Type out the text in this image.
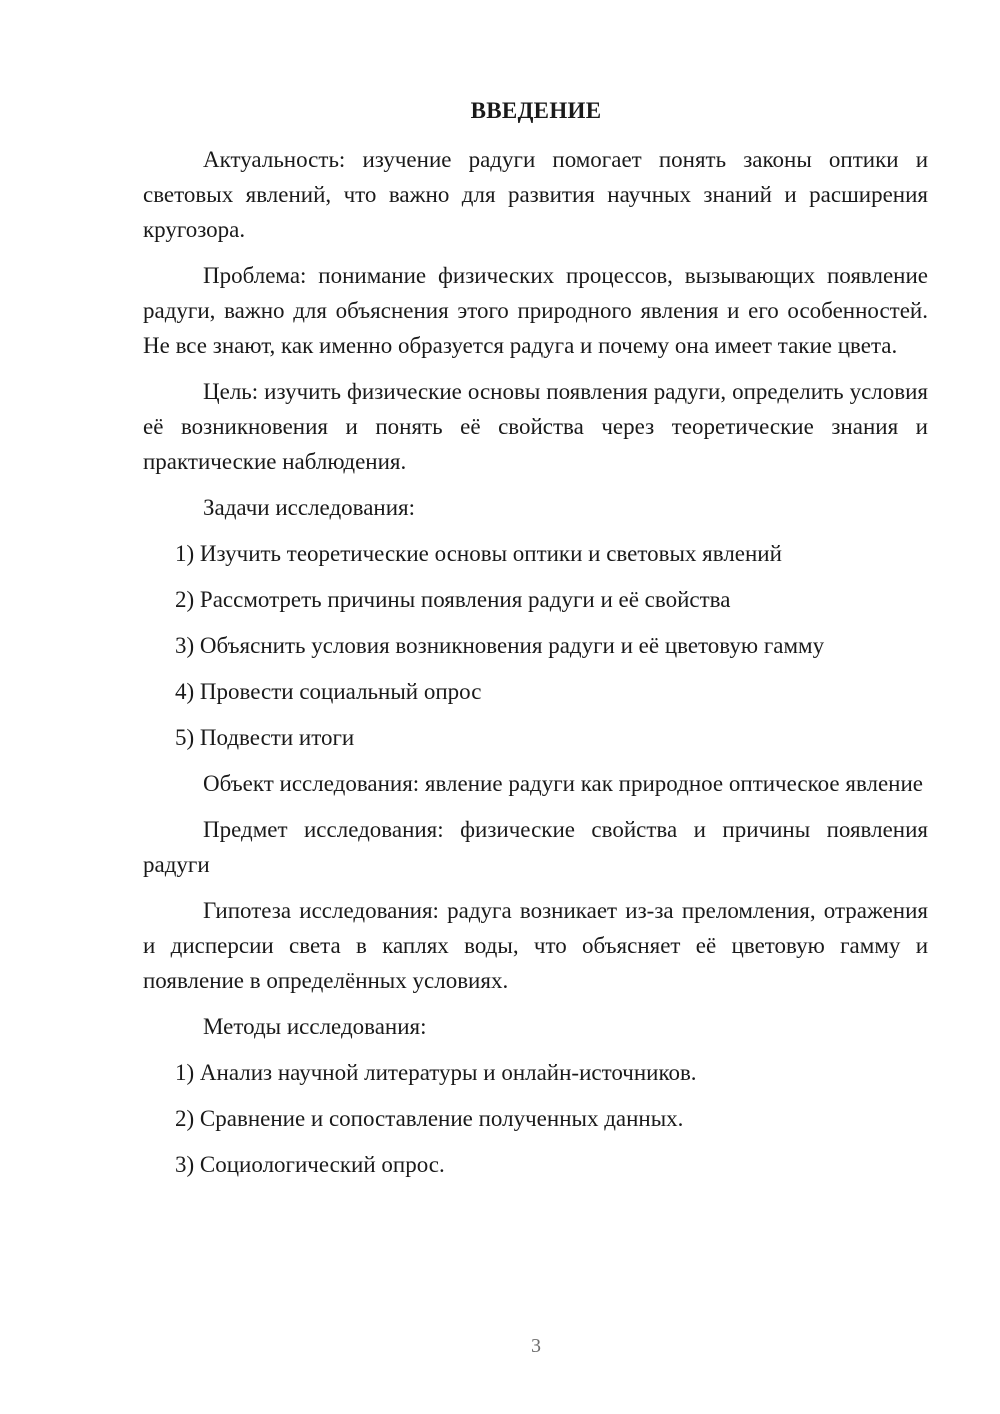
ВВЕДЕНИЕ

Актуальность: изучение радуги помогает понять законы оптики и световых явлений, что важно для развития научных знаний и расширения кругозора.

Проблема: понимание физических процессов, вызывающих появление радуги, важно для объяснения этого природного явления и его особенностей. Не все знают, как именно образуется радуга и почему она имеет такие цвета.

Цель: изучить физические основы появления радуги, определить условия её возникновения и понять её свойства через теоретические знания и практические наблюдения.

Задачи исследования:

1) Изучить теоретические основы оптики и световых явлений

2) Рассмотреть причины появления радуги и её свойства

3) Объяснить условия возникновения радуги и её цветовую гамму

4) Провести социальный опрос

5) Подвести итоги

Объект исследования: явление радуги как природное оптическое явление

Предмет исследования: физические свойства и причины появления радуги

Гипотеза исследования: радуга возникает из-за преломления, отражения и дисперсии света в каплях воды, что объясняет её цветовую гамму и появление в определённых условиях.

Методы исследования:

1) Анализ научной литературы и онлайн-источников.

2) Сравнение и сопоставление полученных данных.

3) Социологический опрос.

3
